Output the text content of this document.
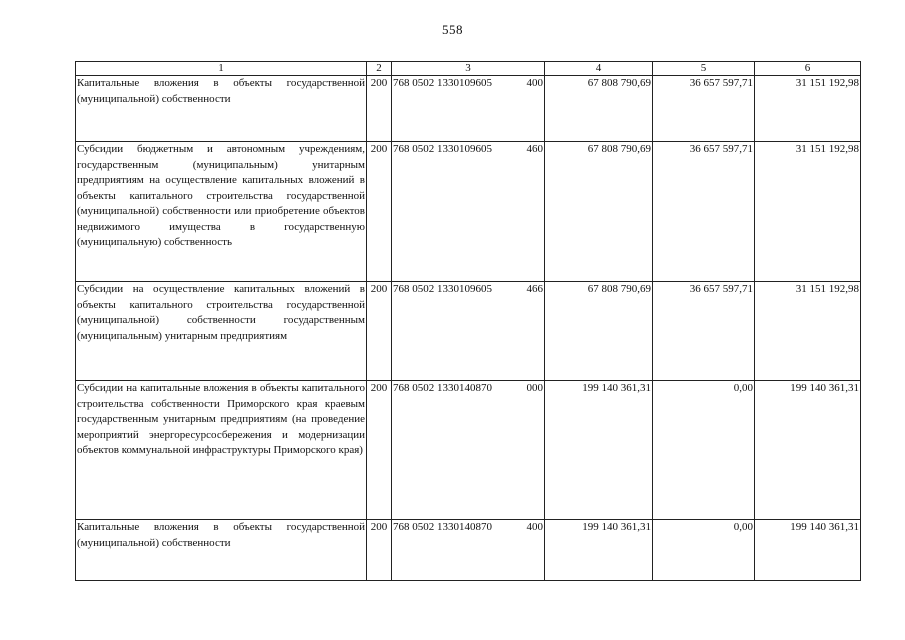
558
1	2	3	4	5	6
Капитальные вложения в объекты государственной (муниципальной) собственности	200	768 0502 1330109605 400	67 808 790,69	36 657 597,71	31 151 192,98
Субсидии бюджетным и автономным учреждениям, государственным (муниципальным) унитарным предприятиям на осуществление капитальных вложений в объекты капитального строительства государственной (муниципальной) собственности или приобретение объектов недвижимого имущества в государственную (муниципальную) собственность	200	768 0502 1330109605 460	67 808 790,69	36 657 597,71	31 151 192,98
Субсидии на осуществление капитальных вложений в объекты капитального строительства государственной (муниципальной) собственности государственным (муниципальным) унитарным предприятиям	200	768 0502 1330109605 466	67 808 790,69	36 657 597,71	31 151 192,98
Субсидии на капитальные вложения в объекты капитального строительства собственности Приморского края краевым государственным унитарным предприятиям (на проведение мероприятий энергоресурсосбережения и модернизации объектов коммунальной инфраструктуры Приморского края)	200	768 0502 1330140870 000	199 140 361,31	0,00	199 140 361,31
Капитальные вложения в объекты государственной (муниципальной) собственности	200	768 0502 1330140870 400	199 140 361,31	0,00	199 140 361,31
